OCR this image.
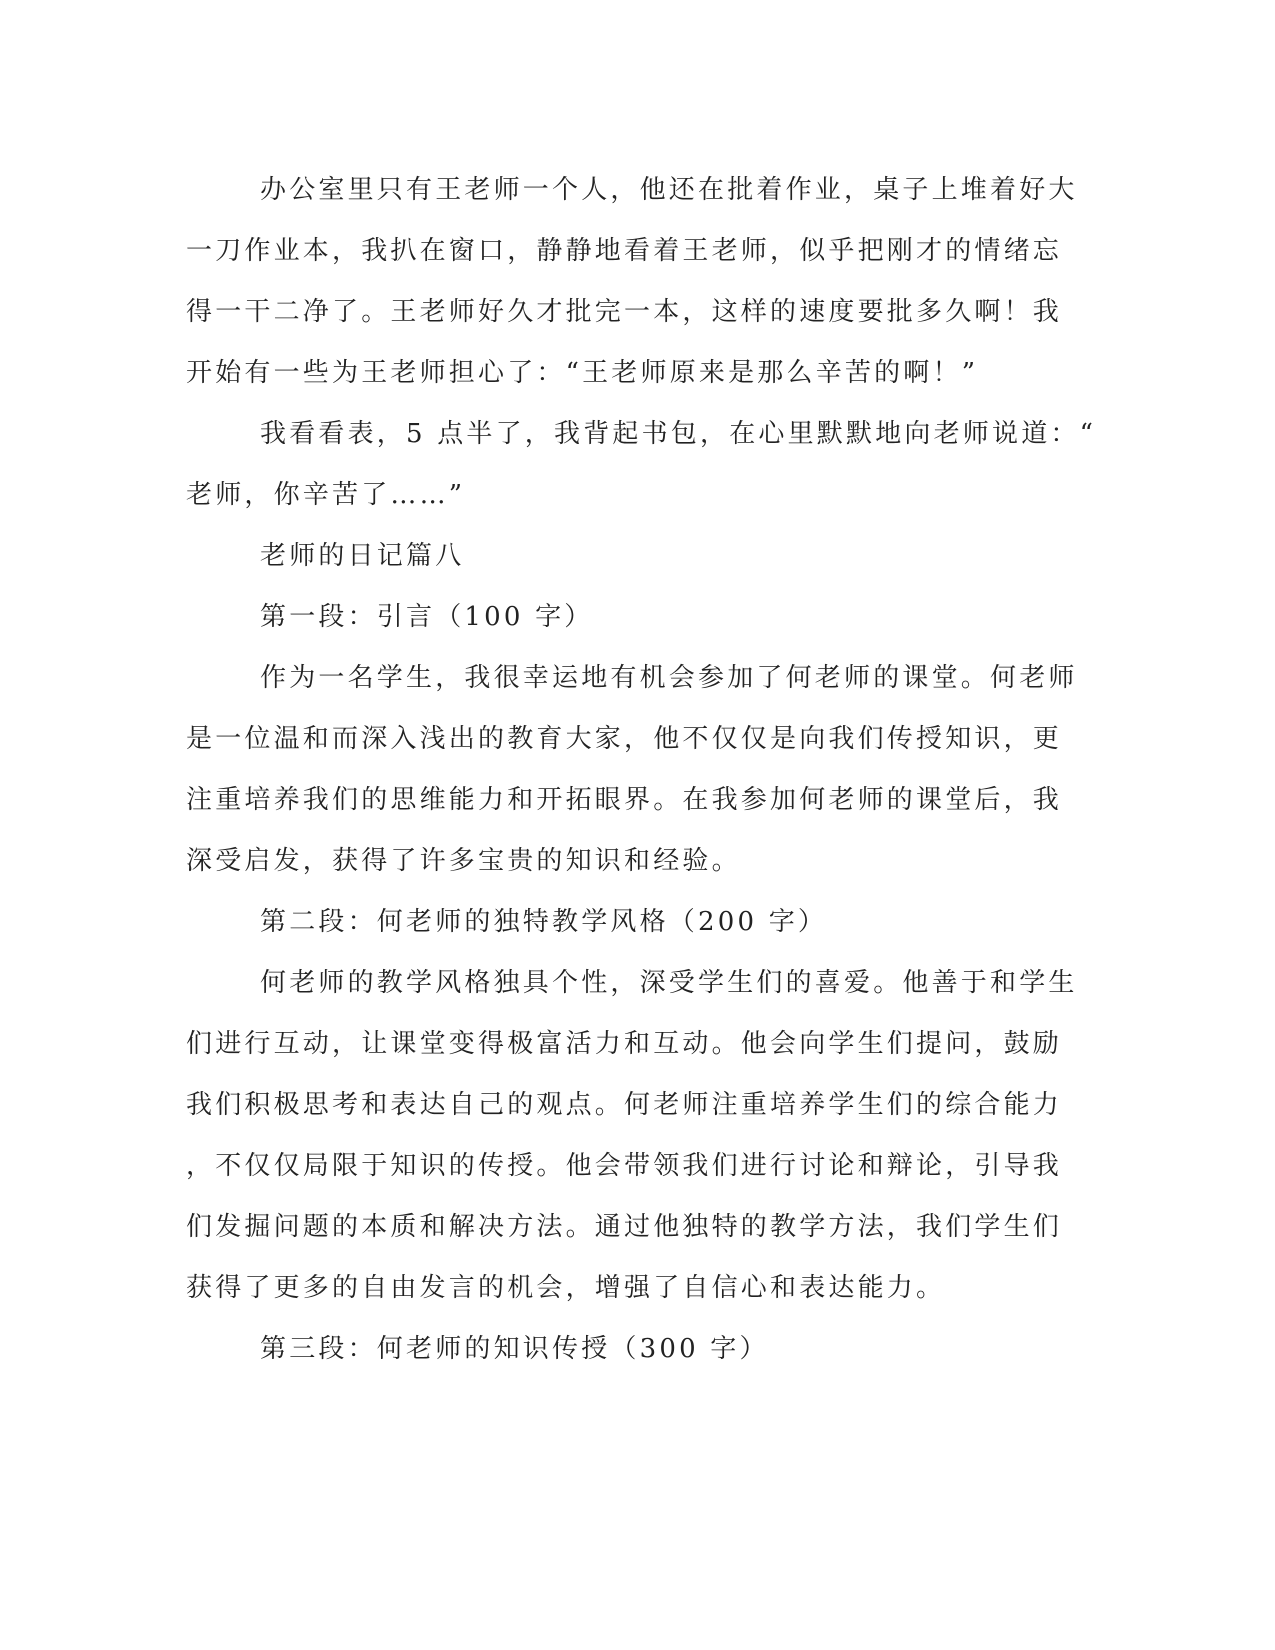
办公室里只有王老师一个人，他还在批着作业，桌子上堆着好大
一刀作业本，我扒在窗口，静静地看着王老师，似乎把刚才的情绪忘
得一干二净了。王老师好久才批完一本，这样的速度要批多久啊！我
开始有一些为王老师担心了：“王老师原来是那么辛苦的啊！”
我看看表，5 点半了，我背起书包，在心里默默地向老师说道：“
老师，你辛苦了……”
老师的日记篇八
第一段：引言（100 字）
作为一名学生，我很幸运地有机会参加了何老师的课堂。何老师
是一位温和而深入浅出的教育大家，他不仅仅是向我们传授知识，更
注重培养我们的思维能力和开拓眼界。在我参加何老师的课堂后，我
深受启发，获得了许多宝贵的知识和经验。
第二段：何老师的独特教学风格（200 字）
何老师的教学风格独具个性，深受学生们的喜爱。他善于和学生
们进行互动，让课堂变得极富活力和互动。他会向学生们提问，鼓励
我们积极思考和表达自己的观点。何老师注重培养学生们的综合能力
，不仅仅局限于知识的传授。他会带领我们进行讨论和辩论，引导我
们发掘问题的本质和解决方法。通过他独特的教学方法，我们学生们
获得了更多的自由发言的机会，增强了自信心和表达能力。
第三段：何老师的知识传授（300 字）
